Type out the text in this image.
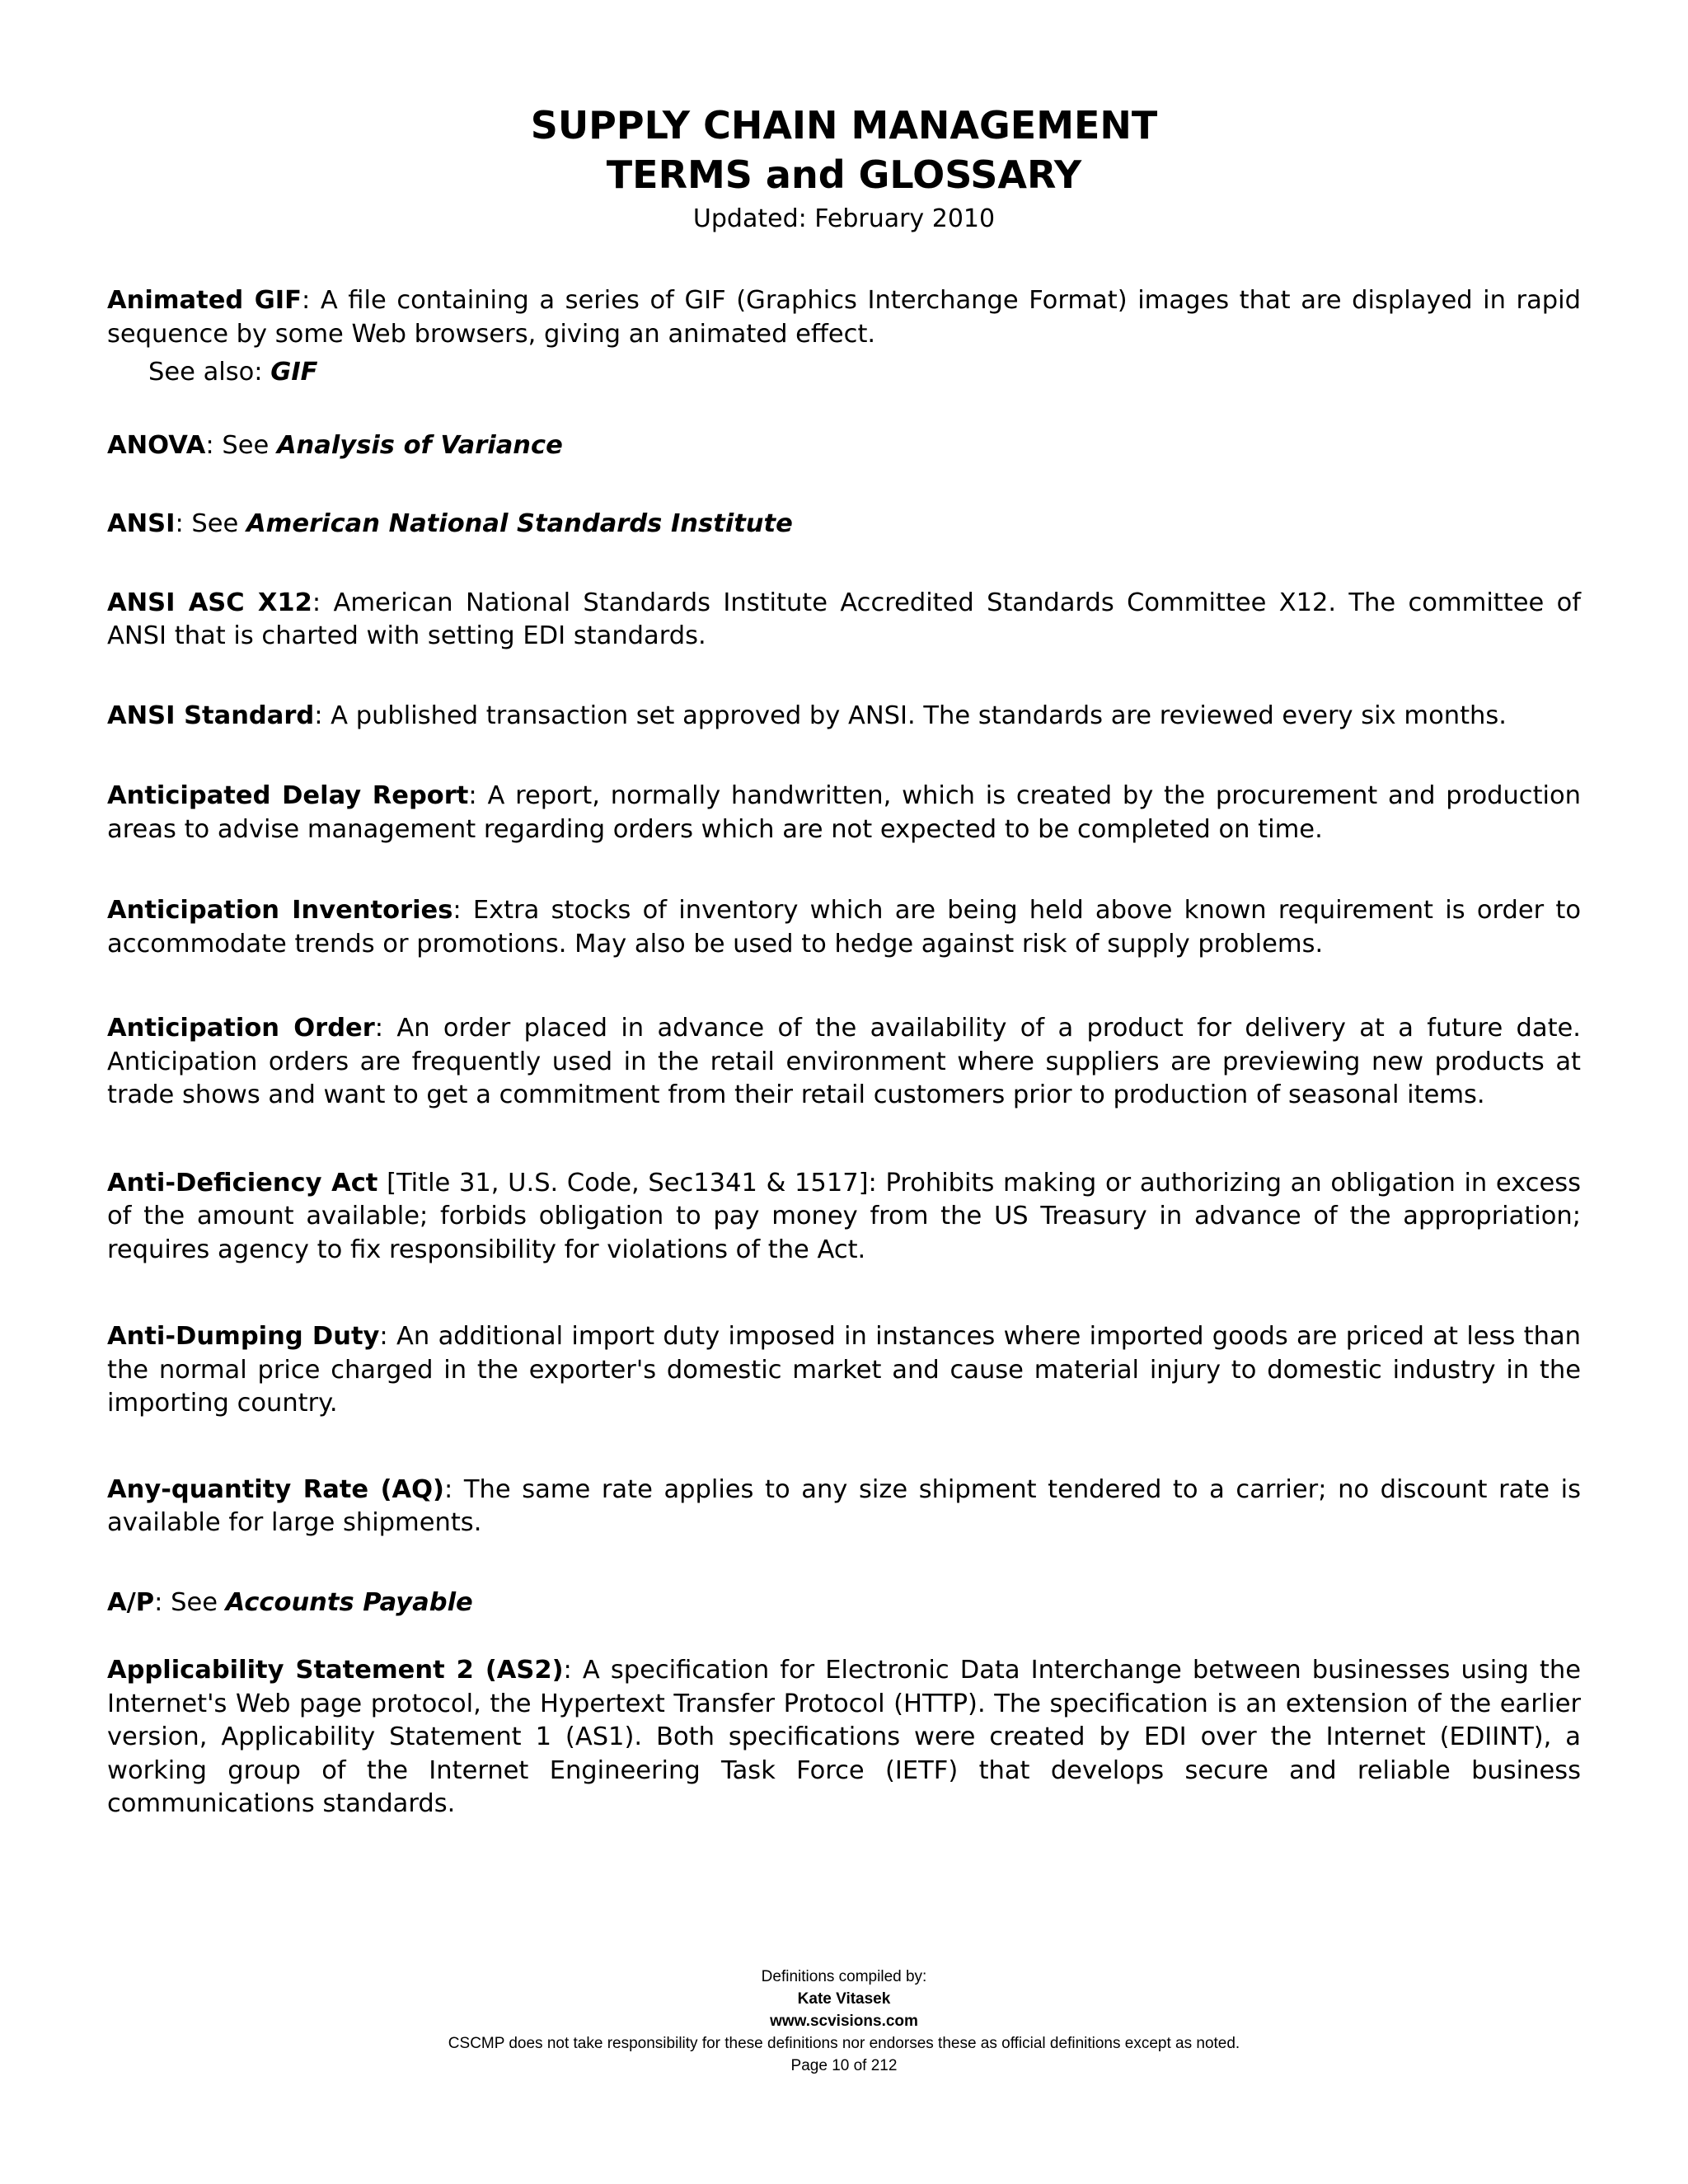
SUPPLY CHAIN MANAGEMENT
TERMS and GLOSSARY
Updated: February 2010
Animated GIF: A file containing a series of GIF (Graphics Interchange Format) images that are displayed in rapid sequence by some Web browsers, giving an animated effect.
See also: GIF
ANOVA: See Analysis of Variance
ANSI: See American National Standards Institute
ANSI ASC X12: American National Standards Institute Accredited Standards Committee X12. The committee of ANSI that is charted with setting EDI standards.
ANSI Standard: A published transaction set approved by ANSI. The standards are reviewed every six months.
Anticipated Delay Report: A report, normally handwritten, which is created by the procurement and production areas to advise management regarding orders which are not expected to be completed on time.
Anticipation Inventories: Extra stocks of inventory which are being held above known requirement is order to accommodate trends or promotions. May also be used to hedge against risk of supply problems.
Anticipation Order: An order placed in advance of the availability of a product for delivery at a future date. Anticipation orders are frequently used in the retail environment where suppliers are previewing new products at trade shows and want to get a commitment from their retail customers prior to production of seasonal items.
Anti-Deficiency Act [Title 31, U.S. Code, Sec1341 & 1517]: Prohibits making or authorizing an obligation in excess of the amount available; forbids obligation to pay money from the US Treasury in advance of the appropriation; requires agency to fix responsibility for violations of the Act.
Anti-Dumping Duty: An additional import duty imposed in instances where imported goods are priced at less than the normal price charged in the exporter's domestic market and cause material injury to domestic industry in the importing country.
Any-quantity Rate (AQ): The same rate applies to any size shipment tendered to a carrier; no discount rate is available for large shipments.
A/P: See Accounts Payable
Applicability Statement 2 (AS2): A specification for Electronic Data Interchange between businesses using the Internet's Web page protocol, the Hypertext Transfer Protocol (HTTP). The specification is an extension of the earlier version, Applicability Statement 1 (AS1). Both specifications were created by EDI over the Internet (EDIINT), a working group of the Internet Engineering Task Force (IETF) that develops secure and reliable business communications standards.
Definitions compiled by:
Kate Vitasek
www.scvisions.com
CSCMP does not take responsibility for these definitions nor endorses these as official definitions except as noted.
Page 10 of 212
